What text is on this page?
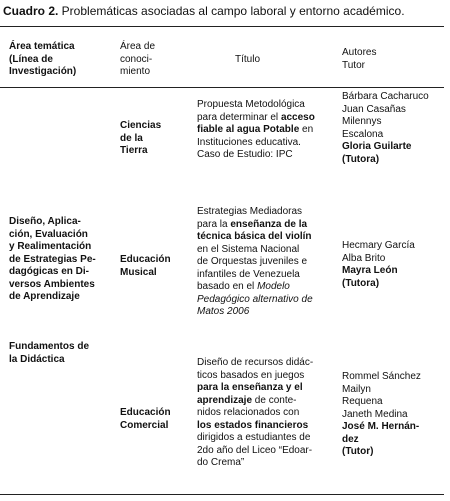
Cuadro 2. Problemáticas asociadas al campo laboral y entorno académico.
Área temática
(Línea de
Investigación)
Área de
conoci-
miento
Título
Autores
Tutor
Diseño, Aplica-
ción, Evaluación
y Realimentación
de Estrategias Pe-
dagógicas en Di-
versos Ambientes
de Aprendizaje
Fundamentos de
la Didáctica
Ciencias
de la
Tierra
Propuesta Metodológica
para determinar el acceso
fiable al agua Potable en
Instituciones educativa.
Caso de Estudio: IPC
Bárbara Cacharuco
Juan Casañas
Milennys
Escalona
Gloria Guilarte
(Tutora)
Educación
Musical
Estrategias Mediadoras
para la enseñanza de la
técnica básica del violín
en el Sistema Nacional
de Orquestas juveniles e
infantiles de Venezuela
basado en el Modelo
Pedagógico alternativo de
Matos 2006
Hecmary García
Alba Brito
Mayra León
(Tutora)
Educación
Comercial
Diseño de recursos didác-
ticos basados en juegos
para la enseñanza y el
aprendizaje de conte-
nidos relacionados con
los estados financieros
dirigidos a estudiantes de
2do año del Liceo “Edoar-
do Crema”
Rommel Sánchez
Mailyn
Requena
Janeth Medina
José M. Hernán-
dez
(Tutor)
